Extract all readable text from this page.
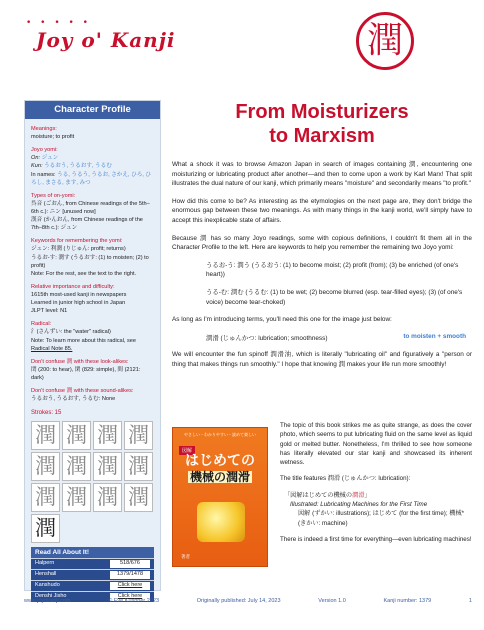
• • • • •
Joy o' Kanji	潤
Character Profile
Meanings:
moisture; to profit
Joyo yomi:
On: ジュン
Kun: うるおう, うるおす, うるむ
In names: うる, うるう, うるお, さかえ, ひろ, ひろし, まさる, ます, みつ
Types of on-yomi:
呉音 (ごおん, from Chinese readings of the 5th–6th c.): ニン [unused now]
漢音 (かんおん, from Chinese readings of the 7th–8th c.): ジュン
Keywords for remembering the yomi:
ジュン: 利潤 (りじゅん: profit; returns)
うるお-す: 潤す (うるおす: (1) to moisten; (2) to profit)
Note: For the rest, see the text to the right.
Relative importance and difficulty:
1615th most-used kanji in newspapers
Learned in junior high school in Japan
JLPT level: N1
Radical:
氵(さんずい: the "water" radical)
Note: To learn more about this radical, see Radical Note 85.
Don't confuse 潤 with these look-alikes:
閏 (200: to hear), 閑 (829: simple), 間 (2121: dark)
Don't confuse 潤 with these sound-alikes:
うるおう, うるおす, うるむ: None
Strokes: 15
潤 潤 潤 潤
潤 潤 潤 潤
潤 潤 潤 潤
潤
Read All About It!
Halpern	518/676
Henshall	1379/1478
Kanshudo	Click here
Denshi Jisho	Click here
From Moisturizers
to Marxism

What a shock it was to browse Amazon Japan in search of images containing 潤, encountering one moisturizing or lubricating product after another—and then to come upon a work by Karl Marx! That split illustrates the dual nature of our kanji, which primarily means "moisture" and secondarily means "to profit."

How did this come to be? As interesting as the etymologies on the next page are, they don't bridge the enormous gap between these two meanings. As with many things in the kanji world, we'll simply have to accept this inexplicable state of affairs.

Because 潤 has so many Joyo readings, some with copious definitions, I couldn't fit them all in the Character Profile to the left. Here are keywords to help you remember the remaining two Joyo yomi:

うるお-う: 潤う (うるおう: (1) to become moist; (2) profit (from); (3) be enriched (of one's heart))
うる-む: 潤む (うるむ: (1) to be wet; (2) become blurred (esp. tear-filled eyes); (3) (of one's voice) become tear-choked)

As long as I'm introducing terms, you'll need this one for the image just below:

潤滑 (じゅんかつ: lubrication; smoothness)	to moisten + smooth

We will encounter the fun spinoff 潤滑油, which is literally "lubricating oil" and figuratively a "person or thing that makes things run smoothly." I hope that knowing 潤 makes your life run more smoothly!

やさしい・わかりやすい・読めて楽しい
図解
はじめての
機械の潤滑
著者

The topic of this book strikes me as quite strange, as does the cover photo, which seems to put lubricating fluid on the same level as liquid gold or melted butter. Nonetheless, I'm thrilled to see how someone has literally elevated our star kanji and showcased its inherent wetness.

The title features 潤滑 (じゅんかつ: lubrication):

「図解はじめての機械の潤滑」
Illustrated: Lubricating Machines for the First Time
図解 (ずかい: illustrations); はじめて (for the first time); 機械* (きかい: machine)

There is indeed a first time for everything—even lubricating machines!

www.joyokanji.com	© Eve Kushner 2023	Originally published: July 14, 2023	Version 1.0	Kanji number: 1379	1
